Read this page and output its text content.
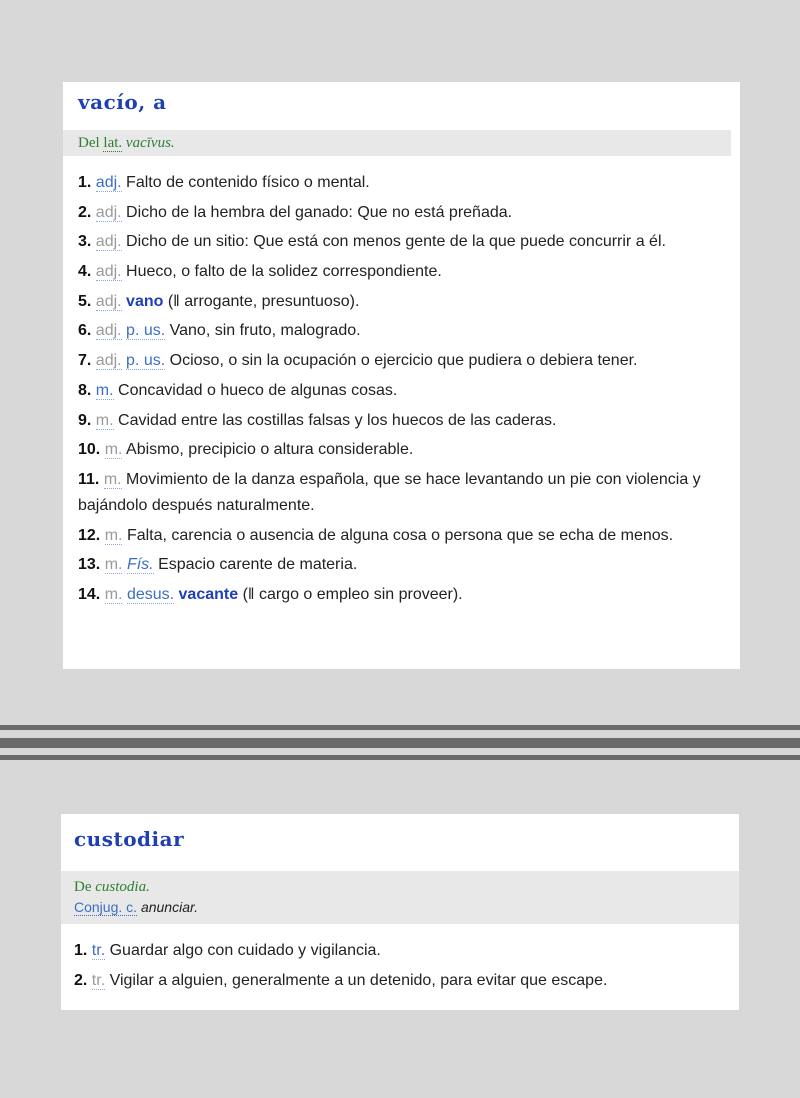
vacío, a
Del lat. vacīvus.
1. adj. Falto de contenido físico o mental.
2. adj. Dicho de la hembra del ganado: Que no está preñada.
3. adj. Dicho de un sitio: Que está con menos gente de la que puede concurrir a él.
4. adj. Hueco, o falto de la solidez correspondiente.
5. adj. vano (‖ arrogante, presuntuoso).
6. adj. p. us. Vano, sin fruto, malogrado.
7. adj. p. us. Ocioso, o sin la ocupación o ejercicio que pudiera o debiera tener.
8. m. Concavidad o hueco de algunas cosas.
9. m. Cavidad entre las costillas falsas y los huecos de las caderas.
10. m. Abismo, precipicio o altura considerable.
11. m. Movimiento de la danza española, que se hace levantando un pie con violencia y bajándolo después naturalmente.
12. m. Falta, carencia o ausencia de alguna cosa o persona que se echa de menos.
13. m. Fís. Espacio carente de materia.
14. m. desus. vacante (‖ cargo o empleo sin proveer).
custodiar
De custodia.
Conjug. c. anunciar.
1. tr. Guardar algo con cuidado y vigilancia.
2. tr. Vigilar a alguien, generalmente a un detenido, para evitar que escape.
